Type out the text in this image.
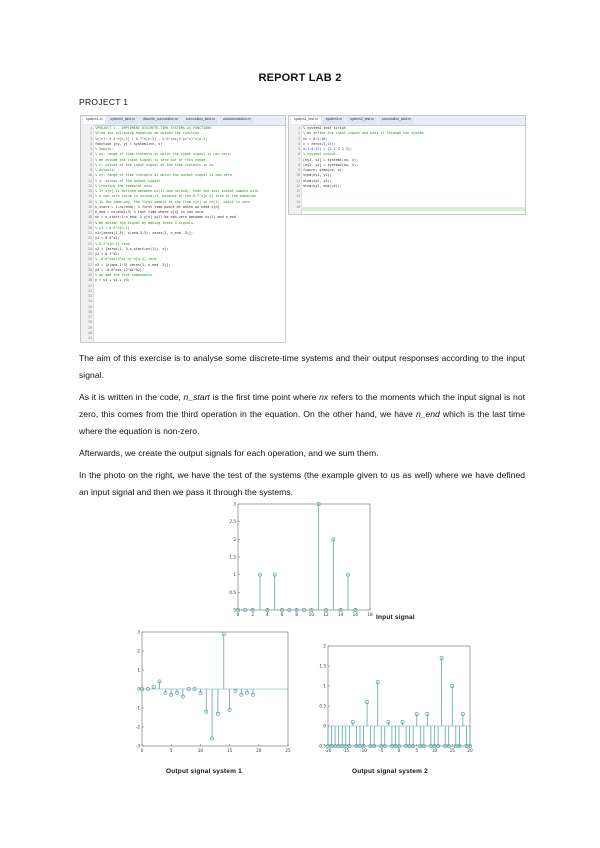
REPORT LAB 2
PROJECT 1
system1.m	system2_lab4.m	discrete_convolution.m	convolution_lab4.m	autoconvolution.m
%PROJECT 1 - IMPLEMENT DISCRETE-TIME SYSTEMS AS FUNCTIONS
%From the following equation we obtain the function
%y[n]= 0.5^n[n-1] + 0.7^n[n-3] - 0.6^cos(2^pi^n)^x[n-2]
function [ny, y] = system1(nx, x)
% Inputs:
% nx: range of time instants at which the input signal is non-zero.
% We assume the input signal is zero out of this range.
% x: values of the input signal at the time instants in nx
% Outputs:
% ny: range of time instants at which the output signal is non-zero
% y: values of the output signal
% Creating the temporal axis
% If x[n] is defined between nx(1) and nx(end), then the last output sample with
% a non-zero value is nx(end)+3, because of the 0.7^x[n-3] term of the equation
% In the same way, the first sample is one from x[n] in nx(1), which is zero
n_start = 1-nx(end); % first time point at which we need x[n]
n_end = nx(end)+3; % Last time where y[n] is non-zero
ny = n_start:1:n_end; % y[n] will be non-zero between nx(1) and n_end
% We obtain the signal by adding these 3 signals:
% x1 = 0.5^n[n-1]
x1=[zeros(1,3), x(end-3:3), zeros(1, n_end -3)];
y1 = 0.5^x1;
% 0.7^x[n-3] term
x2 = [zeros(1, 3-n_start+nx(1)), x];
y2 = 0.7^x2;
% -0.6^cos(2^pi^n)^x[n-2] term
x3 = [x(end-1:3) zeros(1, n_end -3)];
y3 = -0.6^cos (2^pi^n2);
% we add the five components
y = y1 + y2 + y3;
1
2
3
4
5
6
7
8
9
10
11
12
13
14
15
16
17
18
19
20
21
22
23
24
25
26
27
28
29
30
31
32
33
34
35
36
37
38
39
40
41
system1_test.m	system2.m	system2_test.m	convolution_lab4.m
% system1 test script
% We define the input signal and pass it through the system
nx = 0:1:16;
x = zeros(1,17);
x(1:4:17) = [1 1 3 2 1];
% system1 output
[ny1, y1] = system1(nx, x);
[ny2, y2] = system2(nx, x);
figure; stem(nx, x);
stem(ny1, y1);
stem(ny2, y2);
stem(ny2, abs(y2));
1
2
3
4
5
6
7
8
9
10
11
12
13
14
15
16
The aim of this exercise is to analyse some discrete-time systems and their output responses according to the input signal.
As it is written in the code, n_start is the first time point where nx refers to the moments which the input signal is not zero, this comes from the third operation in the equation. On the other hand, we have n_end which is the last time where the equation is non-zero.
Afterwards, we create the output signals for each operation, and we sum them.
In the photo on the right, we have the test of the systems (the example given to us as well) where we have defined an input signal and then we pass it through the systems.
0
0.5
1
1.5
2
2.5
3
0	2	4	6	8	10 12 14 16 18 Input signal
-3
-2
-1
0
1
2
3
0	5	10	15	20	25
Output signal system 1
-0.5
0
0.5
1
1.5
2
-20	-15	-10	-5	0	5	10	15	20
Output signal system 2
